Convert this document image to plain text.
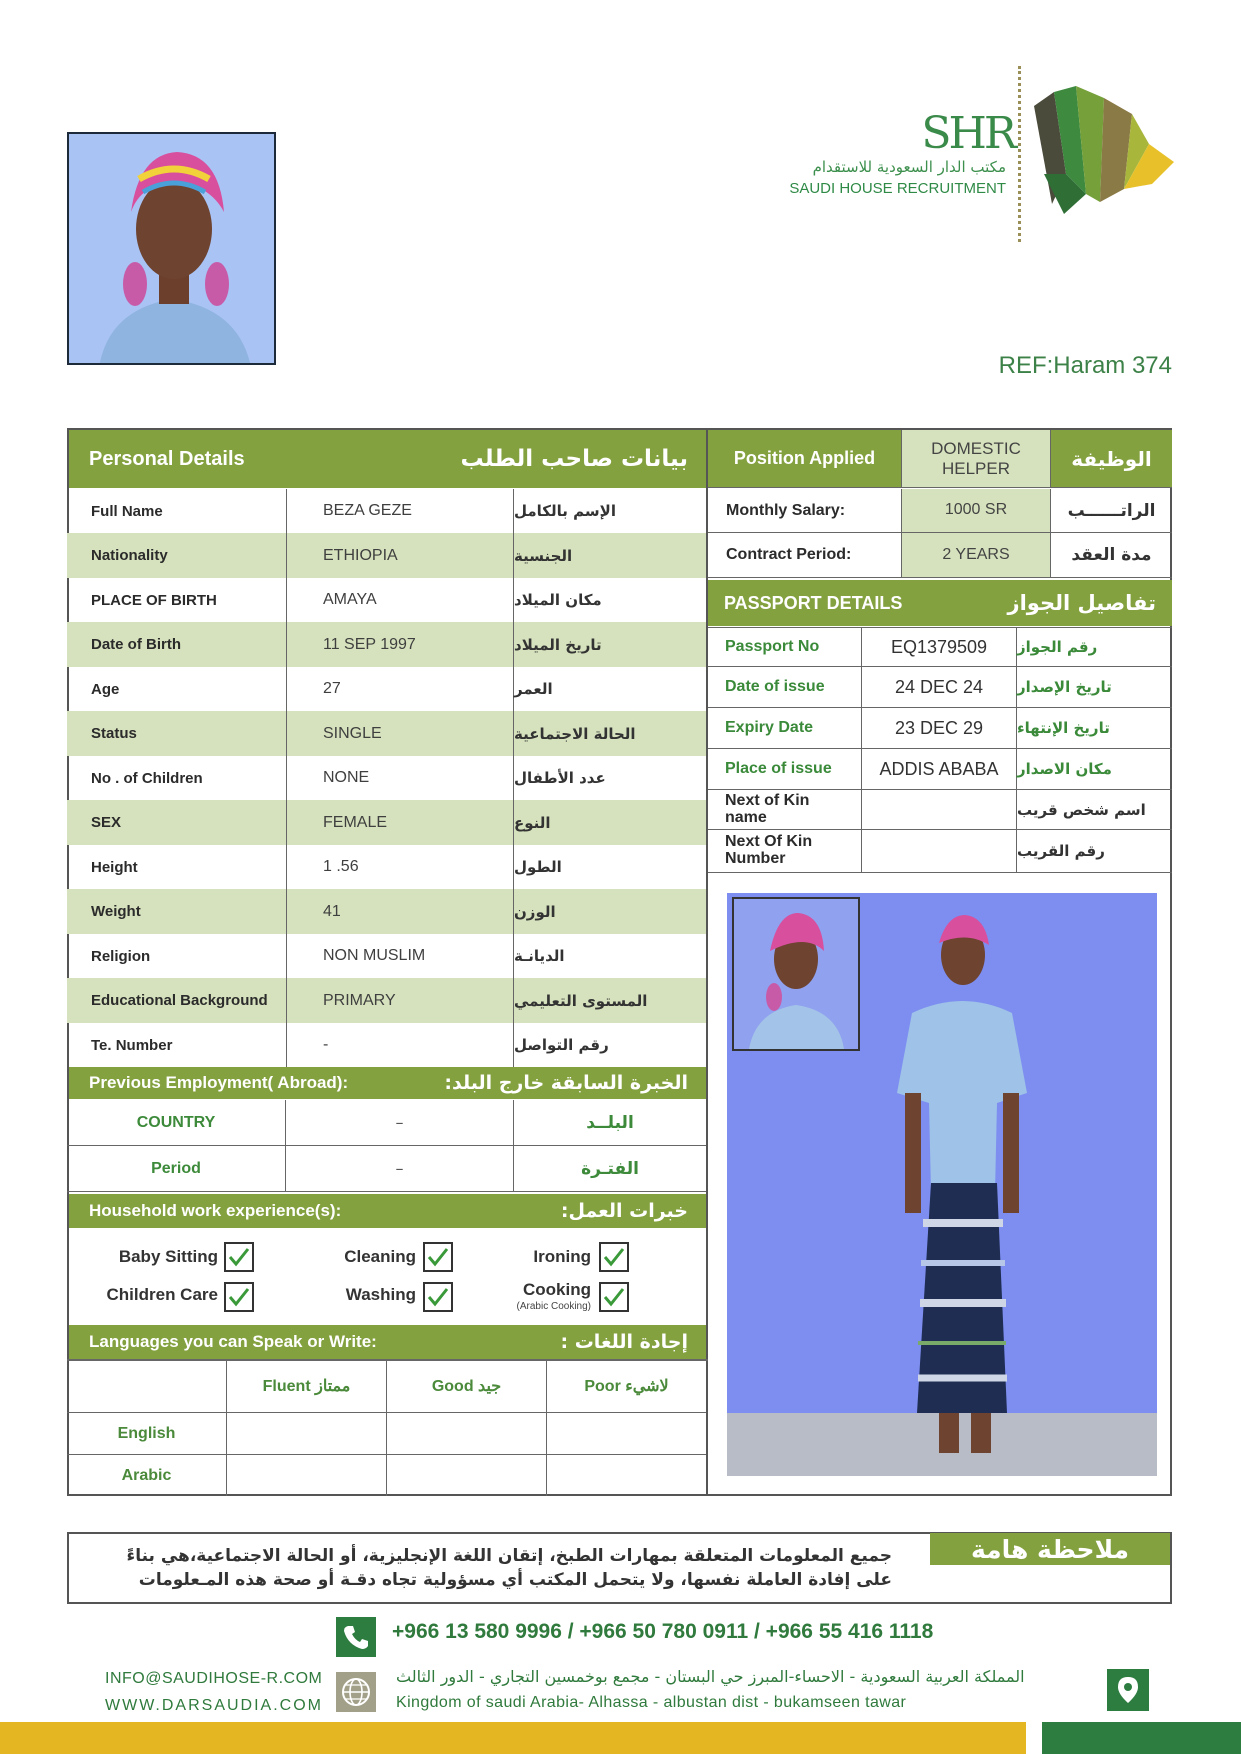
SHR
مكتب الدار السعودية للاستقدام
SAUDI HOUSE RECRUITMENT
REF:Haram 374
Personal Details	بيانات صاحب الطلب
Full Name	BEZA GEZE	الإسم بالكامل
Nationality	ETHIOPIA	الجنسية
PLACE OF BIRTH	AMAYA	مكان الميلاد
Date of Birth	11 SEP 1997	تاريخ الميلاد
Age	27	العمر
Status	SINGLE	الحالة الاجتماعية
No . of Children	NONE	عدد الأطفال
SEX	FEMALE	النوع
Height	1 .56	الطول
Weight	41	الوزن
Religion	NON MUSLIM	الديانـة
Educational Background	PRIMARY	المستوى التعليمي
Te. Number	-	رقم التواصل
Previous Employment( Abroad):	الخبرة السابقة خارج البلد:
COUNTRY	–	البلــد
Period	–	الفتـرة
Household work experience(s):	خبرات العمل:
Baby Sitting	Cleaning	Ironing
Children Care	Washing	Cooking
(Arabic Cooking)
Languages you can Speak or Write:	إجادة اللغات :
Fluent ممتاز	Good جيد	Poor لاشيء
English
Arabic
Position Applied	DOMESTIC HELPER	الوظيفة
Monthly Salary:	1000 SR	الراتــــــب
Contract Period:	2 YEARS	مدة العقد
PASSPORT DETAILS	تفاصيل الجواز
Passport No	EQ1379509	رقم الجواز
Date of issue	24 DEC 24	تاريخ الإصدار
Expiry Date	23 DEC 29	تاريخ الإنتهاء
Place of issue	ADDIS ABABA	مكان الاصدار
Next of Kin name	اسم شخص قريب
Next Of Kin Number	رقم القريب
ملاحظة هامة
جميع المعلومات المتعلقة بمهارات الطبخ، إتقان اللغة الإنجليزية، أو الحالة الاجتماعية،هي بناءً
على إفادة العاملة نفسها، ولا يتحمل المكتب أي مسؤولية تجاه دقـة أو صحة هذه المـعلومات
+966 13 580 9996 / +966 50 780 0911 / +966 55 416 1118
INFO@SAUDIHOSE-R.COM
WWW.DARSAUDIA.COM
المملكة العربية السعودية - الاحساء-المبرز حي البستان - مجمع بوخمسين التجاري - الدور الثالث
Kingdom of saudi Arabia- Alhassa - albustan dist - bukamseen tawar
